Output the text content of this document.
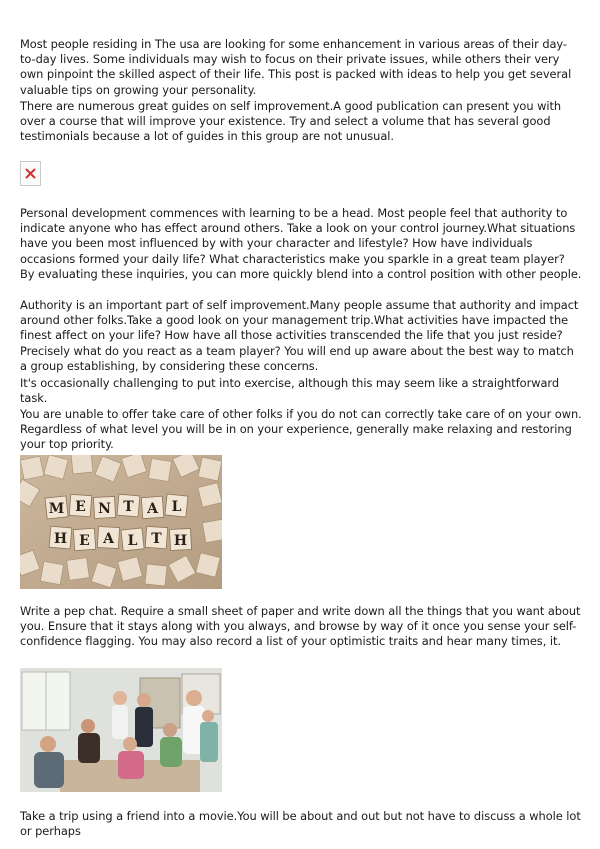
Most people residing in The usa are looking for some enhancement in various areas of their day-to-day lives. Some individuals may wish to focus on their private issues, while others their very own pinpoint the skilled aspect of their life. This post is packed with ideas to help you get several valuable tips on growing your personality.

There are numerous great guides on self improvement.A good publication can present you with over a course that will improve your existence. Try and select a volume that has several good testimonials because a lot of guides in this group are not unusual.

Personal development commences with learning to be a head. Most people feel that authority to indicate anyone who has effect around others. Take a look on your control journey.What situations have you been most influenced by with your character and lifestyle? How have individuals occasions formed your daily life? What characteristics make you sparkle in a great team player? By evaluating these inquiries, you can more quickly blend into a control position with other people.

Authority is an important part of self improvement.Many people assume that authority and impact around other folks.Take a good look on your management trip.What activities have impacted the finest affect on your life? How have all those activities transcended the life that you just reside? Precisely what do you react as a team player? You will end up aware about the best way to match a group establishing, by considering these concerns.

It's occasionally challenging to put into exercise, although this may seem like a straightforward task.

You are unable to offer take care of other folks if you do not can correctly take care of on your own. Regardless of what level you will be in on your experience, generally make relaxing and restoring your top priority.

M E N T A L
H E A L T H

Write a pep chat. Require a small sheet of paper and write down all the things that you want about you. Ensure that it stays along with you always, and browse by way of it once you sense your self-confidence flagging. You may also record a list of your optimistic traits and hear many times, it.

Take a trip using a friend into a movie.You will be about and out but not have to discuss a whole lot or perhaps
